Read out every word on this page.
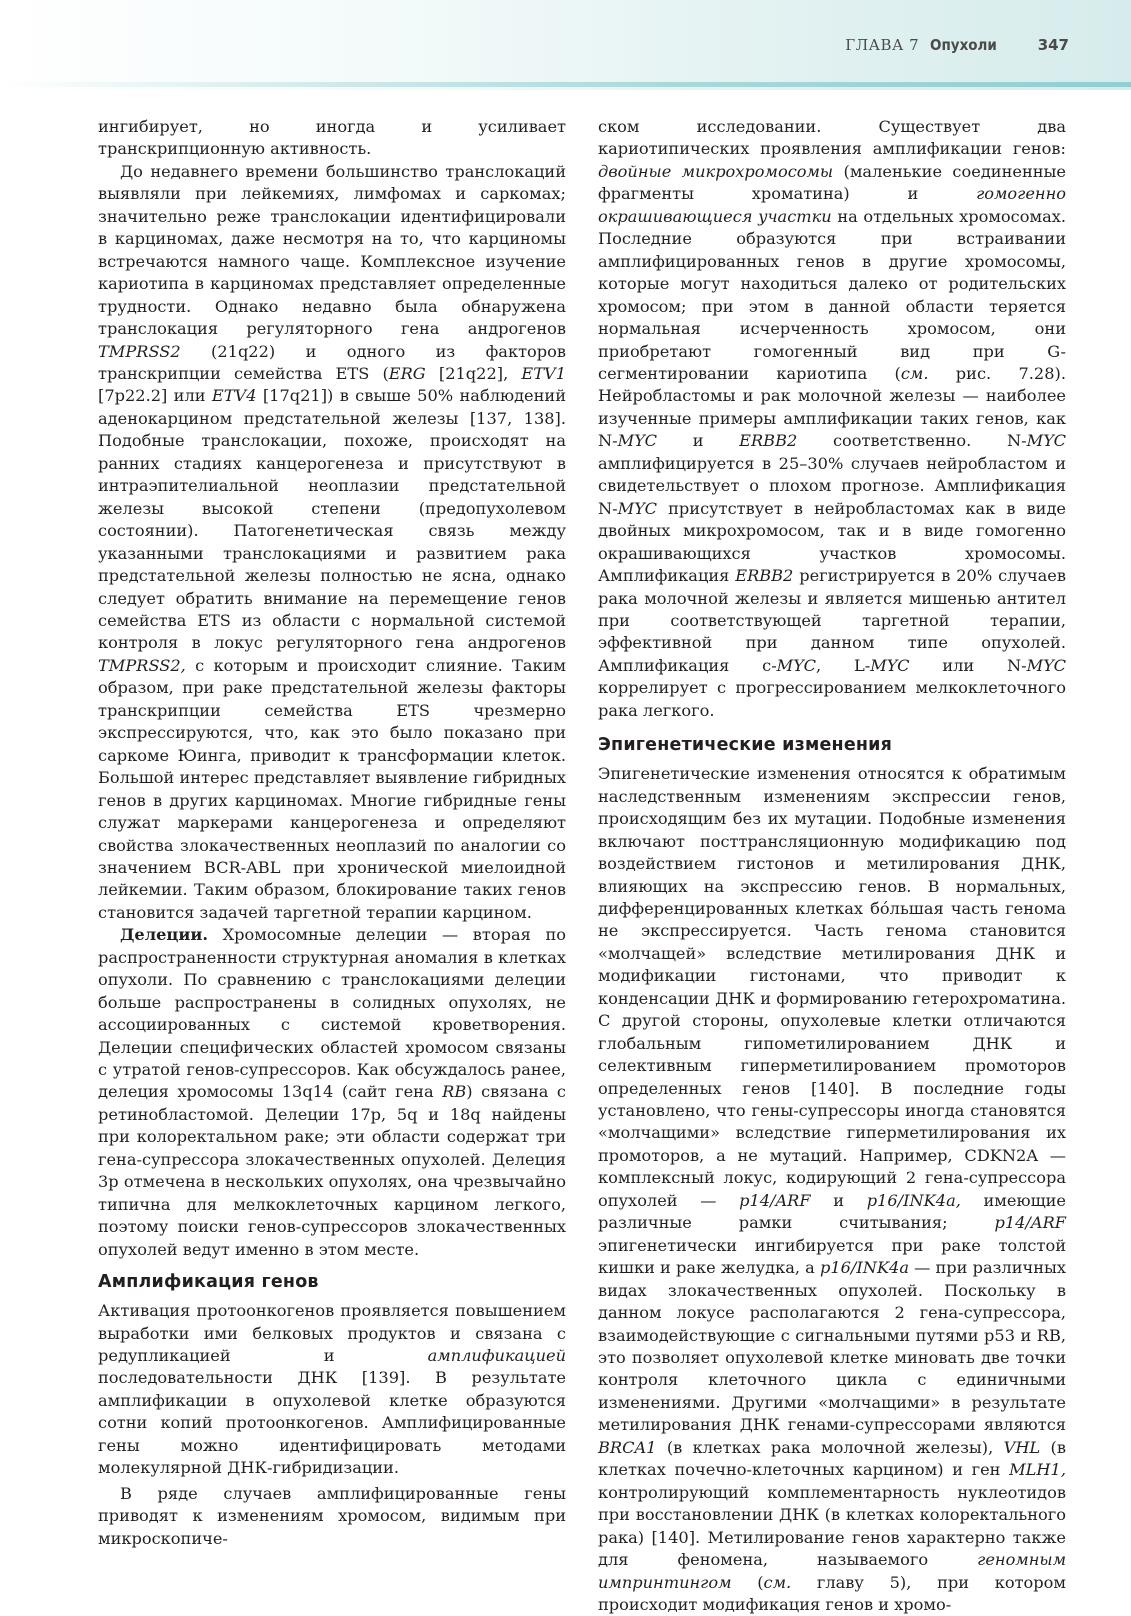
ГЛАВА 7 Опухоли	347

ингибирует, но иногда и усиливает транскрипционную активность.

До недавнего времени большинство транслокаций выявляли при лейкемиях, лимфомах и саркомах; значительно реже транслокации идентифицировали в карциномах, даже несмотря на то, что карциномы встречаются намного чаще. Комплексное изучение кариотипа в карциномах представляет определенные трудности. Однако недавно была обнаружена транслокация регуляторного гена андрогенов TMPRSS2 (21q22) и одного из факторов транскрипции семейства ETS (ERG [21q22], ETV1 [7p22.2] или ETV4 [17q21]) в свыше 50% наблюдений аденокарцином предстательной железы [137, 138]. Подобные транслокации, похоже, происходят на ранних стадиях канцерогенеза и присутствуют в интраэпителиальной неоплазии предстательной железы высокой степени (предопухолевом состоянии). Патогенетическая связь между указанными транслокациями и развитием рака предстательной железы полностью не ясна, однако следует обратить внимание на перемещение генов семейства ETS из области с нормальной системой контроля в локус регуляторного гена андрогенов TMPRSS2, с которым и происходит слияние. Таким образом, при раке предстательной железы факторы транскрипции семейства ETS чрезмерно экспрессируются, что, как это было показано при саркоме Юинга, приводит к трансформации клеток. Большой интерес представляет выявление гибридных генов в других карциномах. Многие гибридные гены служат маркерами канцерогенеза и определяют свойства злокачественных неоплазий по аналогии со значением BCR-ABL при хронической миелоидной лейкемии. Таким образом, блокирование таких генов становится задачей таргетной терапии карцином.

Делеции. Хромосомные делеции — вторая по распространенности структурная аномалия в клетках опухоли. По сравнению с транслокациями делеции больше распространены в солидных опухолях, не ассоциированных с системой кроветворения. Делеции специфических областей хромосом связаны с утратой генов-супрессоров. Как обсуждалось ранее, делеция хромосомы 13q14 (сайт гена RB) связана с ретинобластомой. Делеции 17p, 5q и 18q найдены при колоректальном раке; эти области содержат три гена-супрессора злокачественных опухолей. Делеция 3p отмечена в нескольких опухолях, она чрезвычайно типична для мелкоклеточных карцином легкого, поэтому поиски генов-супрессоров злокачественных опухолей ведут именно в этом месте.

Амплификация генов

Активация протоонкогенов проявляется повышением выработки ими белковых продуктов и связана с редупликацией и амплификацией последовательности ДНК [139]. В результате амплификации в опухолевой клетке образуются сотни копий протоонкогенов. Амплифицированные гены можно идентифицировать методами молекулярной ДНК-гибридизации.

В ряде случаев амплифицированные гены приводят к изменениям хромосом, видимым при микроскопиче-

ском исследовании. Существует два кариотипических проявления амплификации генов: двойные микрохромосомы (маленькие соединенные фрагменты хроматина) и гомогенно окрашивающиеся участки на отдельных хромосомах. Последние образуются при встраивании амплифицированных генов в другие хромосомы, которые могут находиться далеко от родительских хромосом; при этом в данной области теряется нормальная исчерченность хромосом, они приобретают гомогенный вид при G-сегментировании кариотипа (см. рис. 7.28). Нейробластомы и рак молочной железы — наиболее изученные примеры амплификации таких генов, как N-MYC и ERBB2 соответственно. N-MYC амплифицируется в 25–30% случаев нейробластом и свидетельствует о плохом прогнозе. Амплификация N-MYC присутствует в нейробластомах как в виде двойных микрохромосом, так и в виде гомогенно окрашивающихся участков хромосомы. Амплификация ERBB2 регистрируется в 20% случаев рака молочной железы и является мишенью антител при соответствующей таргетной терапии, эффективной при данном типе опухолей. Амплификация c-MYC, L-MYC или N-MYC коррелирует с прогрессированием мелкоклеточного рака легкого.

Эпигенетические изменения

Эпигенетические изменения относятся к обратимым наследственным изменениям экспрессии генов, происходящим без их мутации. Подобные изменения включают посттрансляционную модификацию под воздействием гистонов и метилирования ДНК, влияющих на экспрессию генов. В нормальных, дифференцированных клетках бóльшая часть генома не экспрессируется. Часть генома становится «молчащей» вследствие метилирования ДНК и модификации гистонами, что приводит к конденсации ДНК и формированию гетерохроматина. С другой стороны, опухолевые клетки отличаются глобальным гипометилированием ДНК и селективным гиперметилированием промоторов определенных генов [140]. В последние годы установлено, что гены-супрессоры иногда становятся «молчащими» вследствие гиперметилирования их промоторов, а не мутаций. Например, CDKN2A — комплексный локус, кодирующий 2 гена-супрессора опухолей — p14/ARF и p16/INK4a, имеющие различные рамки считывания; p14/ARF эпигенетически ингибируется при раке толстой кишки и раке желудка, а p16/INK4a — при различных видах злокачественных опухолей. Поскольку в данном локусе располагаются 2 гена-супрессора, взаимодействующие с сигнальными путями p53 и RB, это позволяет опухолевой клетке миновать две точки контроля клеточного цикла с единичными изменениями. Другими «молчащими» в результате метилирования ДНК генами-супрессорами являются BRCA1 (в клетках рака молочной железы), VHL (в клетках почечно-клеточных карцином) и ген MLH1, контролирующий комплементарность нуклеотидов при восстановлении ДНК (в клетках колоректального рака) [140]. Метилирование генов характерно также для феномена, называемого геномным импринтингом (см. главу 5), при котором происходит модификация генов и хромо-
